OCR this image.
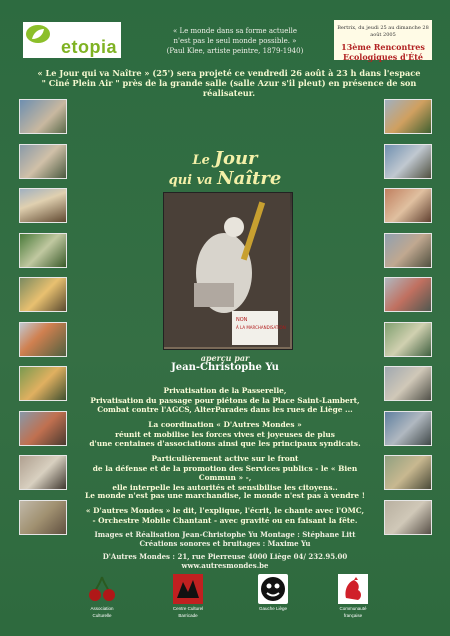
etopia
« Le monde dans sa forme actuelle
n'est pas le seul monde possible. »
(Paul Klee, artiste peintre, 1879-1940)
Bertrix, du jeudi 25 au dimanche 28 août 2005
13ème Rencontres Ecologiques d'Été
« Le Jour qui va Naître » (25') sera projeté ce vendredi 26 août à 23 h dans l'espace
" Ciné Plein Air " près de la grande salle (salle Azur s'il pleut) en présence de son réalisateur.
Le Jour
qui va Naître
NON
À LA MARCHANDISATION
aperçu par
Jean-Christophe Yu
Privatisation de la Passerelle,
Privatisation du passage pour piétons de la Place Saint-Lambert,
Combat contre l'AGCS, AlterParades dans les rues de Liège ...
La coordination « D'Autres Mondes »
réunit et mobilise les forces vives et joyeuses de plus
d'une centaines d'associations ainsi que les principaux syndicats.
Particulièrement active sur le front
de la défense et de la promotion des Services publics - le « Bien Commun » -,
elle interpelle les autorités et sensibilise les citoyens..
Le monde n'est pas une marchandise, le monde n'est pas à vendre !
« D'autres Mondes » le dit, l'explique, l'écrit, le chante avec l'OMC,
- Orchestre Mobile Chantant - avec gravité ou en faisant la fête.
Images et Réalisation Jean-Christophe Yu Montage : Stéphane Litt
Créations sonores et bruitages : Maxime Yu
D'Autres Mondes : 21, rue Pierreuse 4000 Liège 04/ 232.95.00 www.autresmondes.be
Association
Culturelle
Centre Culturel
Barricade
Gauche Liège	Communauté
française
